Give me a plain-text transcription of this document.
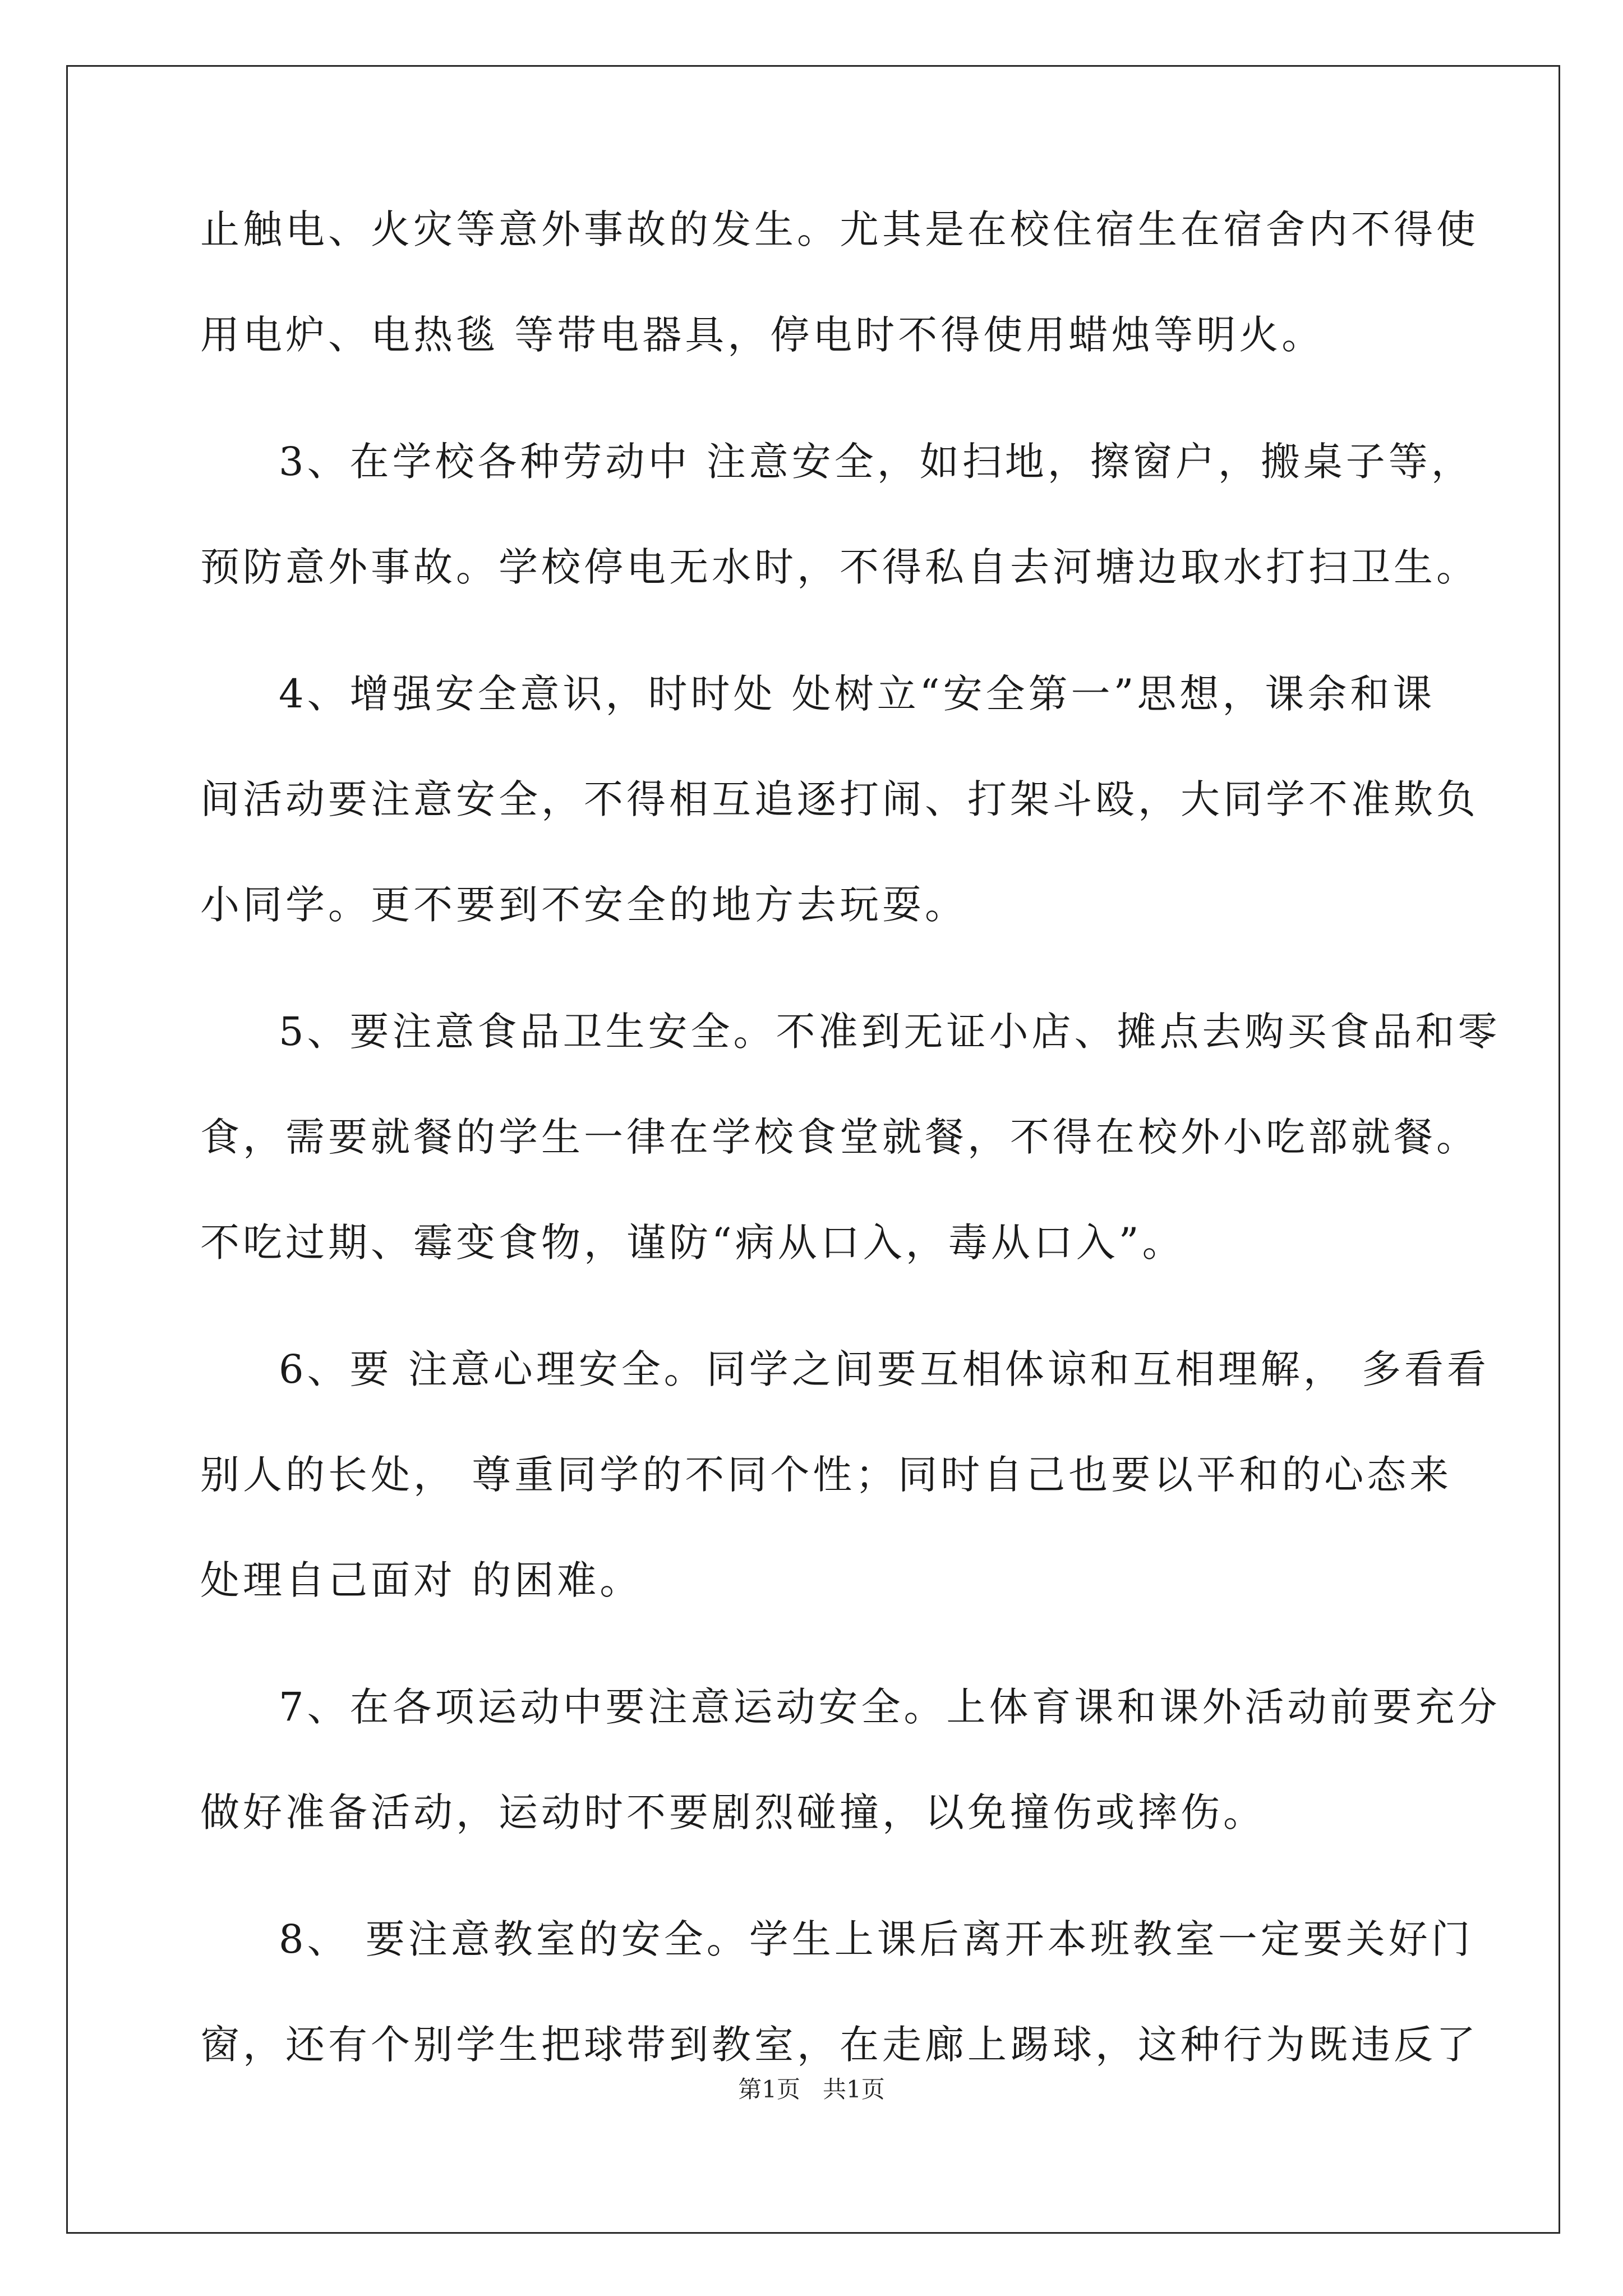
止触电、火灾等意外事故的发生。尤其是在校住宿生在宿舍内不得使
用电炉、电热毯 等带电器具，停电时不得使用蜡烛等明火。
3、在学校各种劳动中 注意安全，如扫地，擦窗户，搬桌子等，
预防意外事故。学校停电无水时，不得私自去河塘边取水打扫卫生。
4、增强安全意识，时时处 处树立“安全第一”思想，课余和课
间活动要注意安全，不得相互追逐打闹、打架斗殴，大同学不准欺负
小同学。更不要到不安全的地方去玩耍。
5、要注意食品卫生安全。不准到无证小店、摊点去购买食品和零
食，需要就餐的学生一律在学校食堂就餐，不得在校外小吃部就餐。
不吃过期、霉变食物，谨防“病从口入，毒从口入”。
6、要 注意心理安全。同学之间要互相体谅和互相理解， 多看看
别人的长处， 尊重同学的不同个性；同时自己也要以平和的心态来
处理自己面对 的困难。
7、在各项运动中要注意运动安全。上体育课和课外活动前要充分
做好准备活动，运动时不要剧烈碰撞，以免撞伤或摔伤。
8、 要注意教室的安全。学生上课后离开本班教室一定要关好门
窗，还有个别学生把球带到教室，在走廊上踢球，这种行为既违反了
第1页   共1页
